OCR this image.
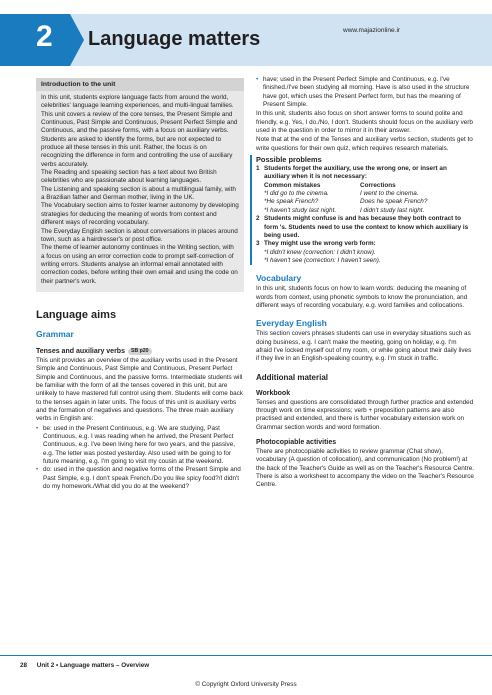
2 Language matters	www.majazionline.ir
Introduction to the unit

In this unit, students explore language facts from around the world, celebrities' language learning experiences, and multi-lingual families.

This unit covers a review of the core tenses, the Present Simple and Continuous, Past Simple and Continuous, Present Perfect Simple and Continuous, and the passive forms, with a focus on auxiliary verbs. Students are asked to identify the forms, but are not expected to produce all these tenses in this unit. Rather, the focus is on recognizing the difference in form and controlling the use of auxiliary verbs accurately.

The Reading and speaking section has a text about two British celebrities who are passionate about learning languages.

The Listening and speaking section is about a multilingual family, with a Brazilian father and German mother, living in the UK.

The Vocabulary section aims to foster learner autonomy by developing strategies for deducing the meaning of words from context and different ways of recording vocabulary.

The Everyday English section is about conversations in places around town, such as a hairdresser's or post office.

The theme of learner autonomy continues in the Writing section, with a focus on using an error correction code to prompt self-correction of writing errors. Students analyse an informal email annotated with correction codes, before writing their own email and using the code on their partner's work.

Language aims
Grammar
Tenses and auxiliary verbs SB p20

This unit provides an overview of the auxiliary verbs used in the Present Simple and Continuous, Past Simple and Continuous, Present Perfect Simple and Continuous, and the passive forms. Intermediate students will be familiar with the form of all the tenses covered in this unit, but are unlikely to have mastered full control using them. Students will come back to the tenses again in later units. The focus of this unit is auxiliary verbs and the formation of negatives and questions. The three main auxiliary verbs in English are:

• be: used in the Present Continuous, e.g. We are studying, Past Continuous, e.g. I was reading when he arrived, the Present Perfect Continuous, e.g. I've been living here for two years, and the passive, e.g. The letter was posted yesterday. Also used with be going to for future meaning, e.g. I'm going to visit my cousin at the weekend.
• do: used in the question and negative forms of the Present Simple and Past Simple, e.g. I don't speak French./Do you like spicy food?/I didn't do my homework./What did you do at the weekend?
• have: used in the Present Perfect Simple and Continuous, e.g. I've finished./I've been studying all morning. Have is also used in the structure have got, which uses the Present Perfect form, but has the meaning of Present Simple.

In this unit, students also focus on short answer forms to sound polite and friendly, e.g. Yes, I do./No, I don't. Students should focus on the auxiliary verb used in the question in order to mirror it in their answer.

Note that at the end of the Tenses and auxiliary verbs section, students get to write questions for their own quiz, which requires research materials.

Possible problems
1 Students forget the auxiliary, use the wrong one, or insert an auxiliary when it is not necessary:
Common mistakes	Corrections
*I did go to the cinema.	I went to the cinema.
*He speak French?	Does he speak French?
*I haven't study last night.	I didn't study last night.
2 Students might confuse is and has because they both contract to form 's. Students need to use the context to know which auxiliary is being used.
3 They might use the wrong verb form:
*I didn't knew (correction: I didn't know).
*I haven't see (correction: I haven't seen).
Vocabulary

In this unit, students focus on how to learn words: deducing the meaning of words from context, using phonetic symbols to know the pronunciation, and different ways of recording vocabulary, e.g. word families and collocations.

Everyday English

This section covers phrases students can use in everyday situations such as doing business, e.g. I can't make the meeting, going on holiday, e.g. I'm afraid I've locked myself out of my room, or while going about their daily lives if they live in an English-speaking country, e.g. I'm stuck in traffic.

Additional material
Workbook

Tenses and questions are consolidated through further practice and extended through work on time expressions; verb + preposition patterns are also practised and extended, and there is further vocabulary extension work on Grammar section words and word formation.

Photocopiable activities

There are photocopiable activities to review grammar (Chat show), vocabulary (A question of collocation), and communication (No problem!) at the back of the Teacher's Guide as well as on the Teacher's Resource Centre. There is also a worksheet to accompany the video on the Teacher's Resource Centre.

28 Unit 2 • Language matters – Overview
© Copyright Oxford University Press
